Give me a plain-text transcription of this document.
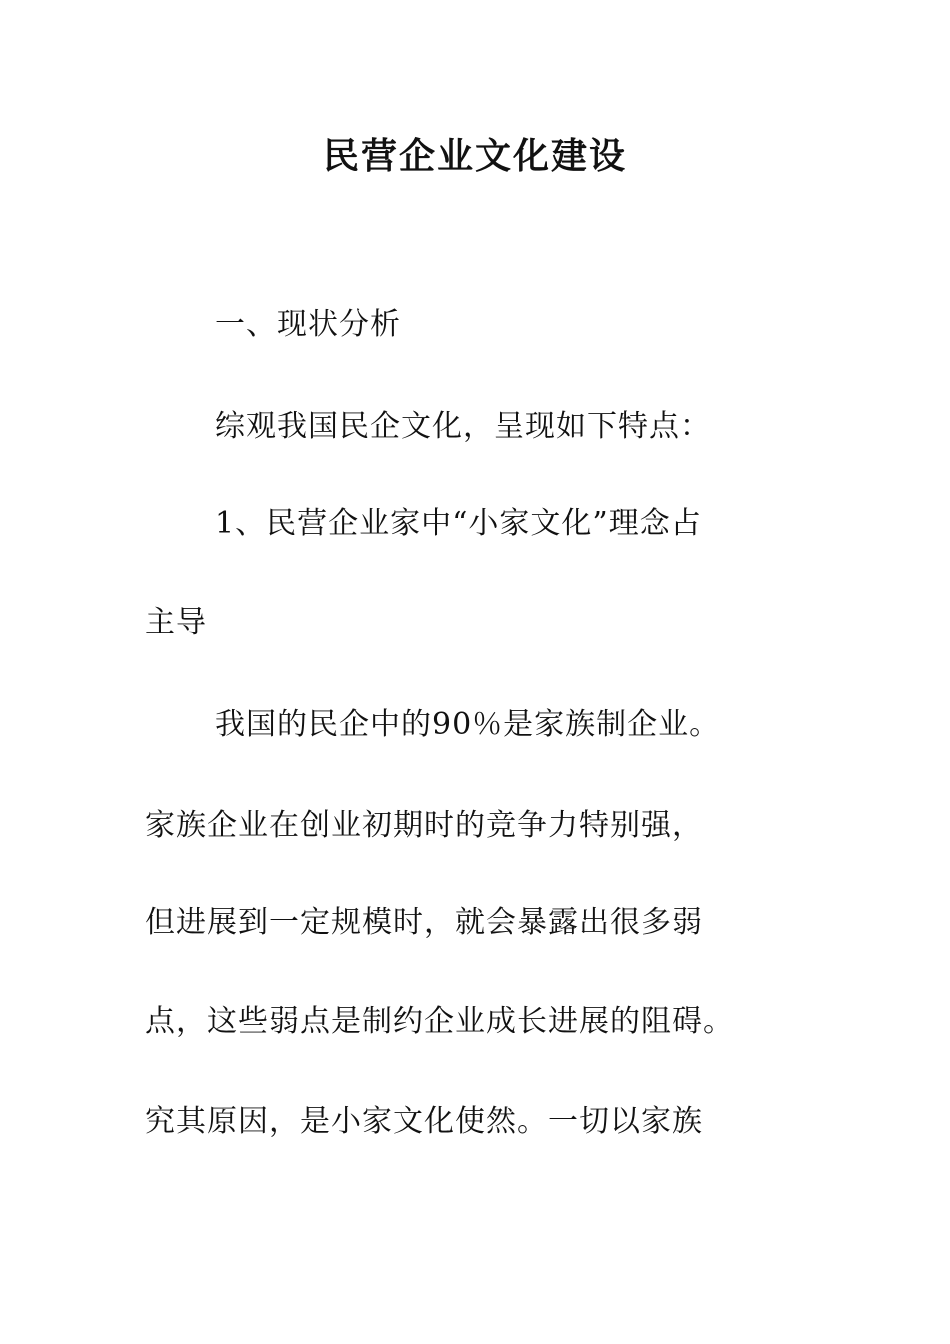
民营企业文化建设
一、现状分析
综观我国民企文化，呈现如下特点：
1、民营企业家中“小家文化”理念占
主导
我国的民企中的90％是家族制企业。
家族企业在创业初期时的竞争力特别强，
但进展到一定规模时，就会暴露出很多弱
点，这些弱点是制约企业成长进展的阻碍。
究其原因，是小家文化使然。一切以家族
